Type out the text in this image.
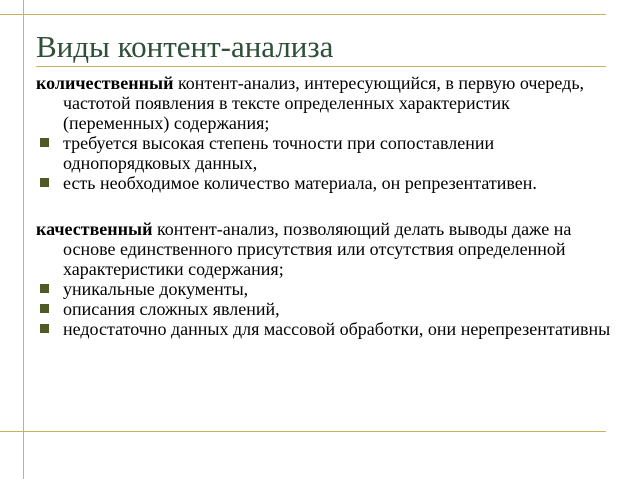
Виды контент-анализа
количественный контент-анализ, интересующийся, в первую очередь, частотой появления в тексте определенных характеристик (переменных) содержания;
требуется высокая степень точности при сопоставлении однопорядковых данных,
есть необходимое количество материала, он репрезентативен.
качественный контент-анализ, позволяющий делать выводы даже на основе единственного присутствия или отсутствия определенной характеристики содержания;
уникальные документы,
описания сложных явлений,
недостаточно данных для массовой обработки, они нерепрезентативны
